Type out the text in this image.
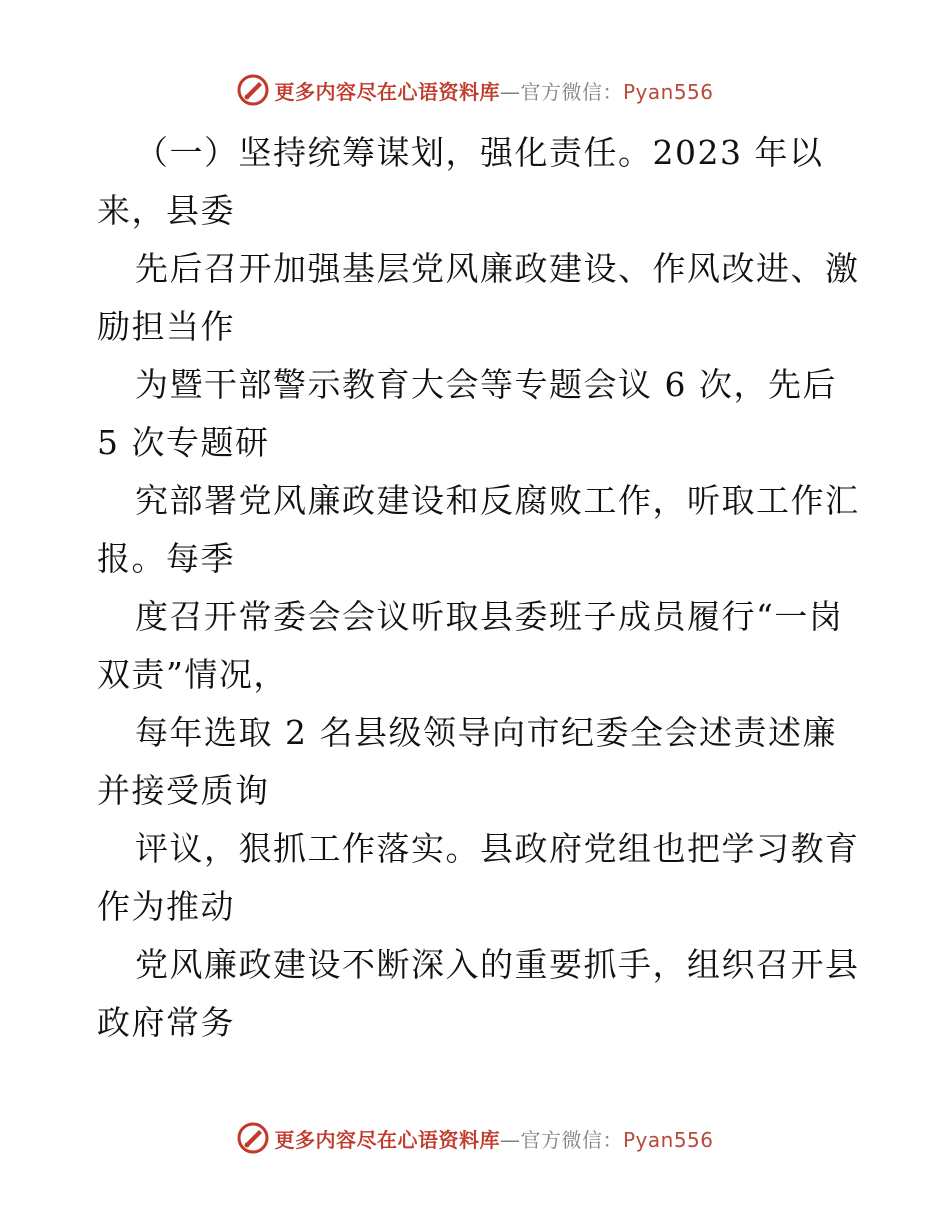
更多内容尽在心语资料库—官方微信：Pyan556
（一）坚持统筹谋划，强化责任。2023 年以
来，县委
先后召开加强基层党风廉政建设、作风改进、激
励担当作
为暨干部警示教育大会等专题会议 6 次，先后
5 次专题研
究部署党风廉政建设和反腐败工作，听取工作汇
报。每季
度召开常委会会议听取县委班子成员履行“一岗
双责”情况，
每年选取 2 名县级领导向市纪委全会述责述廉
并接受质询
评议，狠抓工作落实。县政府党组也把学习教育
作为推动
党风廉政建设不断深入的重要抓手，组织召开县
政府常务
更多内容尽在心语资料库—官方微信：Pyan556
